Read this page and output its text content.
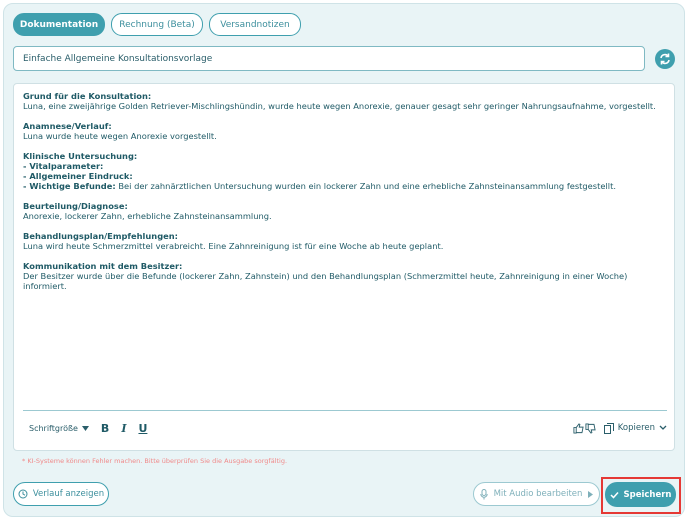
Dokumentation	Rechnung (Beta)	Versandnotizen
Einfache Allgemeine Konsultationsvorlage
Grund für die Konsultation:
Luna, eine zweijährige Golden Retriever-Mischlingshündin, wurde heute wegen Anorexie, genauer gesagt sehr geringer Nahrungsaufnahme, vorgestellt.
Anamnese/Verlauf:
Luna wurde heute wegen Anorexie vorgestellt.
Klinische Untersuchung:
- Vitalparameter:
- Allgemeiner Eindruck:
- Wichtige Befunde: Bei der zahnärztlichen Untersuchung wurden ein lockerer Zahn und eine erhebliche Zahnsteinansammlung festgestellt.
Beurteilung/Diagnose:
Anorexie, lockerer Zahn, erhebliche Zahnsteinansammlung.
Behandlungsplan/Empfehlungen:
Luna wird heute Schmerzmittel verabreicht. Eine Zahnreinigung ist für eine Woche ab heute geplant.
Kommunikation mit dem Besitzer:
Der Besitzer wurde über die Befunde (lockerer Zahn, Zahnstein) und den Behandlungsplan (Schmerzmittel heute, Zahnreinigung in einer Woche)
informiert.
Schriftgröße B I U	Kopieren
* KI-Systeme können Fehler machen. Bitte überprüfen Sie die Ausgabe sorgfältig.
Verlauf anzeigen	Mit Audio bearbeiten	Speichern
